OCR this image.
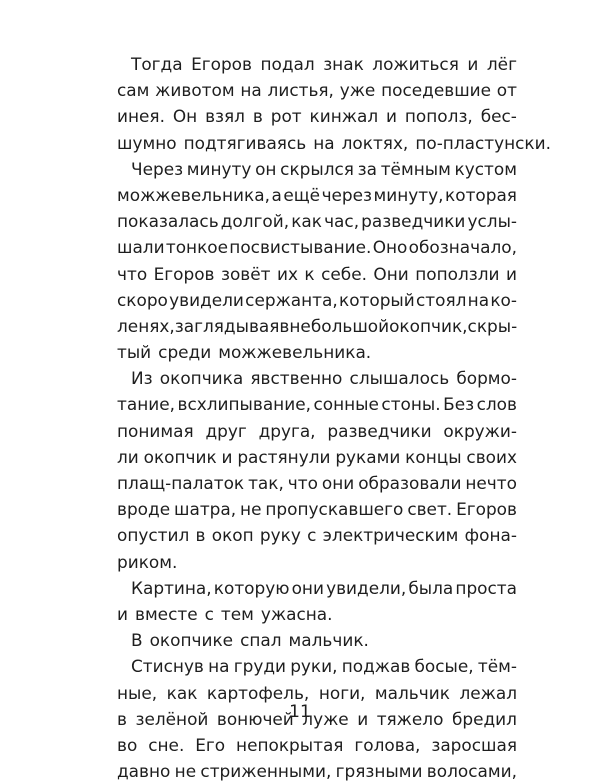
Тогда Егоров подал знак ложиться и лёг
сам животом на листья, уже поседевшие от
инея. Он взял в рот кинжал и пополз, бес-
шумно подтягиваясь на локтях, по-пластунски.
Через минуту он скрылся за тёмным кустом
можжевельника, а ещё через минуту, которая
показалась долгой, как час, разведчики услы-
шали тонкое посвистывание. Оно обозначало,
что Егоров зовёт их к себе. Они поползли и
скоро увидели сержанта, который стоял на ко-
ленях, заглядывая в небольшой окопчик, скры-
тый среди можжевельника.
Из окопчика явственно слышалось бормо-
тание, всхлипывание, сонные стоны. Без слов
понимая друг друга, разведчики окружи-
ли окопчик и растянули руками концы своих
плащ-палаток так, что они образовали нечто
вроде шатра, не пропускавшего свет. Егоров
опустил в окоп руку с электрическим фона-
риком.
Картина, которую они увидели, была проста
и вместе с тем ужасна.
В окопчике спал мальчик.
Стиснув на груди руки, поджав босые, тём-
ные, как картофель, ноги, мальчик лежал
в зелёной вонючей луже и тяжело бредил
во сне. Его непокрытая голова, заросшая
давно не стриженными, грязными волосами,
11
